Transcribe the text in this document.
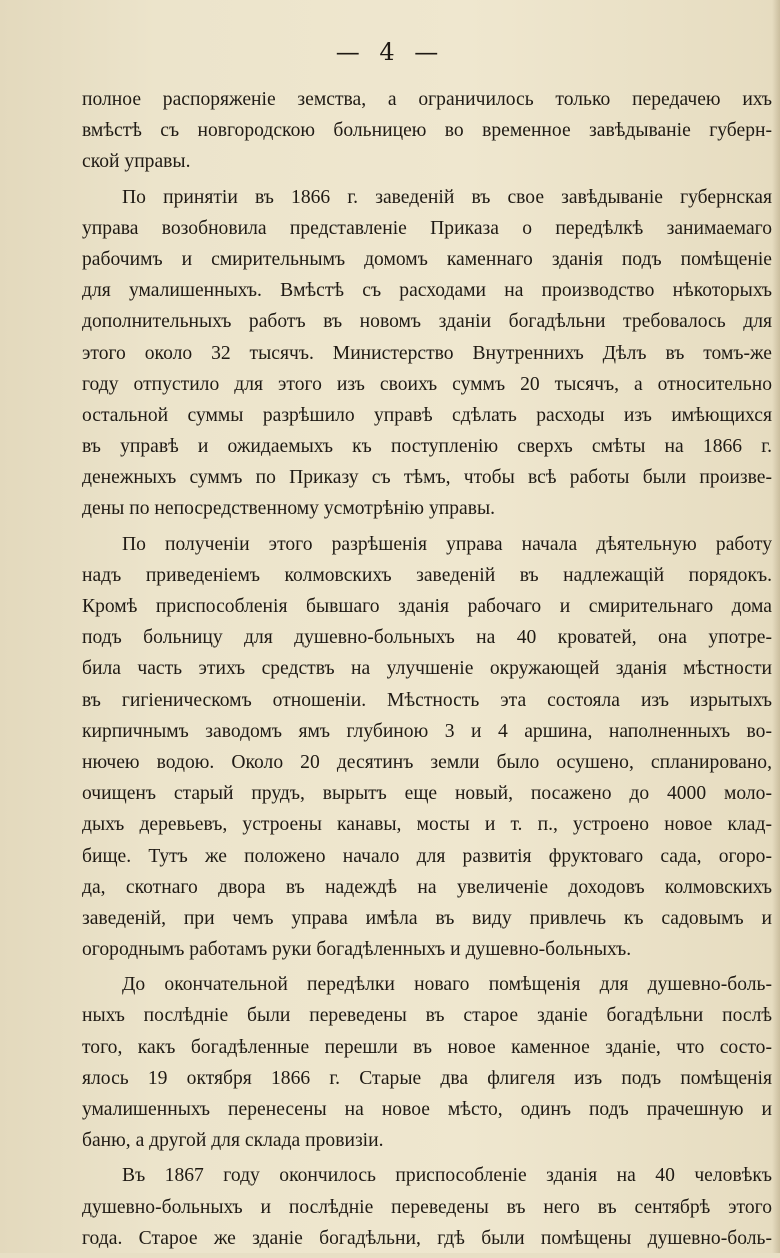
— 4 —
полное распоряженіе земства, а ограничилось только передачею ихъ
вмѣстѣ съ новгородскою больницею во временное завѣдываніе губерн-
ской управы.
По принятіи въ 1866 г. заведеній въ свое завѣдываніе губернская
управа возобновила представленіе Приказа о передѣлкѣ занимаемаго
рабочимъ и смирительнымъ домомъ каменнаго зданія подъ помѣщеніе
для умалишенныхъ. Вмѣстѣ съ расходами на производство нѣкоторыхъ
дополнительныхъ работъ въ новомъ зданіи богадѣльни требовалось для
этого около 32 тысячъ. Министерство Внутреннихъ Дѣлъ въ томъ-же
году отпустило для этого изъ своихъ суммъ 20 тысячъ, а относительно
остальной суммы разрѣшило управѣ сдѣлать расходы изъ имѣющихся
въ управѣ и ожидаемыхъ къ поступленію сверхъ смѣты на 1866 г.
денежныхъ суммъ по Приказу съ тѣмъ, чтобы всѣ работы были произве-
дены по непосредственному усмотрѣнію управы.
По полученіи этого разрѣшенія управа начала дѣятельную работу
надъ приведеніемъ колмовскихъ заведеній въ надлежащій порядокъ.
Кромѣ приспособленія бывшаго зданія рабочаго и смирительнаго дома
подъ больницу для душевно-больныхъ на 40 кроватей, она употре-
била часть этихъ средствъ на улучшеніе окружающей зданія мѣстности
въ гигіеническомъ отношеніи. Мѣстность эта состояла изъ изрытыхъ
кирпичнымъ заводомъ ямъ глубиною 3 и 4 аршина, наполненныхъ во-
нючею водою. Около 20 десятинъ земли было осушено, спланировано,
очищенъ старый прудъ, вырытъ еще новый, посажено до 4000 моло-
дыхъ деревьевъ, устроены канавы, мосты и т. п., устроено новое клад-
бище. Тутъ же положено начало для развитія фруктоваго сада, огоро-
да, скотнаго двора въ надеждѣ на увеличеніе доходовъ колмовскихъ
заведеній, при чемъ управа имѣла въ виду привлечь къ садовымъ и
огороднымъ работамъ руки богадѣленныхъ и душевно-больныхъ.
До окончательной передѣлки новаго помѣщенія для душевно-боль-
ныхъ послѣдніе были переведены въ старое зданіе богадѣльни послѣ
того, какъ богадѣленные перешли въ новое каменное зданіе, что состо-
ялось 19 октября 1866 г. Старые два флигеля изъ подъ помѣщенія
умалишенныхъ перенесены на новое мѣсто, одинъ подъ прачешную и
баню, а другой для склада провизіи.
Въ 1867 году окончилось приспособленіе зданія на 40 человѣкъ
душевно-больныхъ и послѣдніе переведены въ него въ сентябрѣ этого
года. Старое же зданіе богадѣльни, гдѣ были помѣщены душевно-боль-
